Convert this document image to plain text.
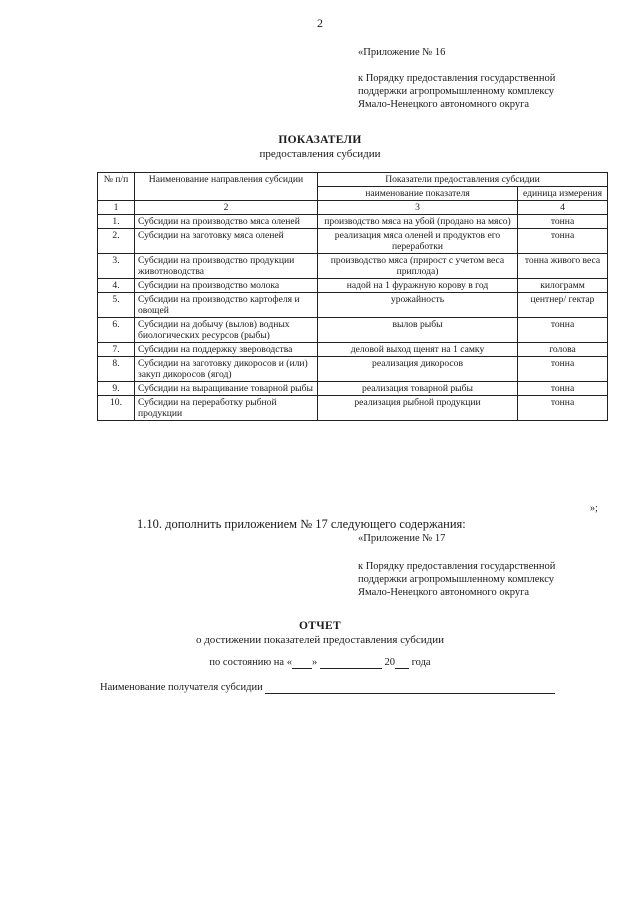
2
«Приложение № 16
к Порядку предоставления государственной
поддержки агропромышленному комплексу
Ямало-Ненецкого автономного округа
ПОКАЗАТЕЛИ
предоставления субсидии
№ п/п	Наименование направления субсидии	Показатели предоставления субсидии	
		наименование показателя	единица измерения
1	2	3	4
1.	Субсидии на производство мяса оленей	производство мяса на убой (продано на мясо)	тонна
2.	Субсидии на заготовку мяса оленей	реализация мяса оленей и продуктов его переработки	тонна
3.	Субсидии на производство продукции животноводства	производство мяса (прирост с учетом веса приплода)	тонна живого веса
4.	Субсидии на производство молока	надой на 1 фуражную корову в год	килограмм
5.	Субсидии на производство картофеля и овощей	урожайность	центнер/ гектар
6.	Субсидии на добычу (вылов) водных биологических ресурсов (рыбы)	вылов рыбы	тонна
7.	Субсидии на поддержку звероводства	деловой выход щенят на 1 самку	голова
8.	Субсидии на заготовку дикоросов и (или) закуп дикоросов (ягод)	реализация дикоросов	тонна
9.	Субсидии на выращивание товарной рыбы	реализация товарной рыбы	тонна
10.	Субсидии на переработку рыбной продукции	реализация рыбной продукции	тонна
»;
1.10. дополнить приложением № 17 следующего содержания:
«Приложение № 17
к Порядку предоставления государственной
поддержки агропромышленному комплексу
Ямало-Ненецкого автономного округа
ОТЧЕТ
о достижении показателей предоставления субсидии
по состоянию на « »	20 года
Наименование получателя субсидии
